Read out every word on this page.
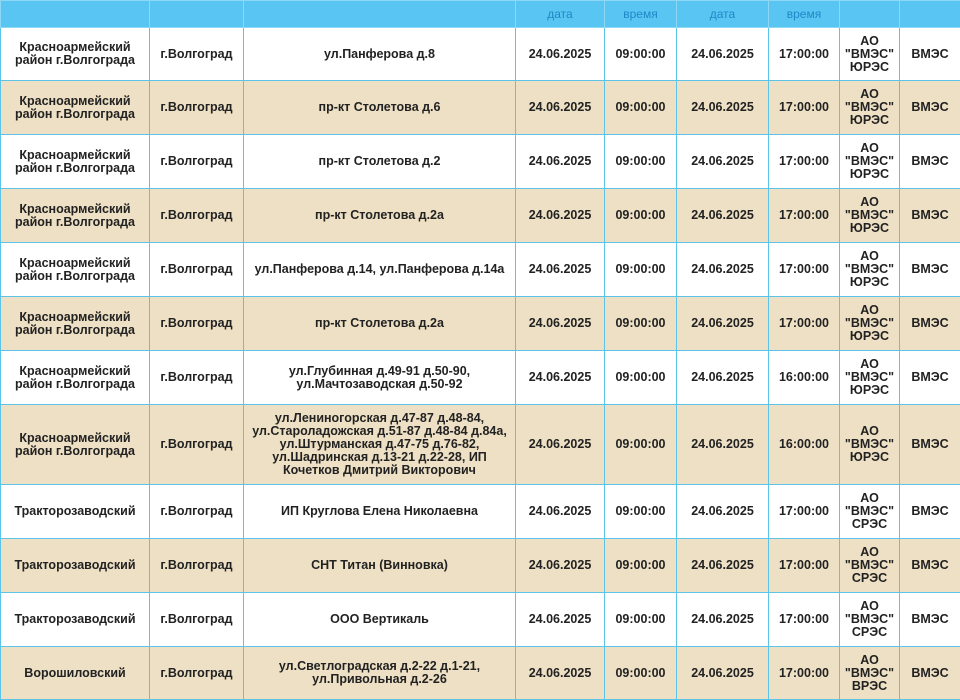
			дата	время	дата	время		
Красноармейский
район г.Волгограда	г.Волгоград	ул.Панферова д.8	24.06.2025	09:00:00	24.06.2025	17:00:00	АО
"ВМЭС"
ЮРЭС	ВМЭС
Красноармейский
район г.Волгограда	г.Волгоград	пр-кт Столетова д.6	24.06.2025	09:00:00	24.06.2025	17:00:00	АО
"ВМЭС"
ЮРЭС	ВМЭС
Красноармейский
район г.Волгограда	г.Волгоград	пр-кт Столетова д.2	24.06.2025	09:00:00	24.06.2025	17:00:00	АО
"ВМЭС"
ЮРЭС	ВМЭС
Красноармейский
район г.Волгограда	г.Волгоград	пр-кт Столетова д.2а	24.06.2025	09:00:00	24.06.2025	17:00:00	АО
"ВМЭС"
ЮРЭС	ВМЭС
Красноармейский
район г.Волгограда	г.Волгоград	ул.Панферова д.14, ул.Панферова д.14а	24.06.2025	09:00:00	24.06.2025	17:00:00	АО
"ВМЭС"
ЮРЭС	ВМЭС
Красноармейский
район г.Волгограда	г.Волгоград	пр-кт Столетова д.2а	24.06.2025	09:00:00	24.06.2025	17:00:00	АО
"ВМЭС"
ЮРЭС	ВМЭС
Красноармейский
район г.Волгограда	г.Волгоград	ул.Глубинная д.49-91 д.50-90,
ул.Мачтозаводская д.50-92	24.06.2025	09:00:00	24.06.2025	16:00:00	АО
"ВМЭС"
ЮРЭС	ВМЭС
Красноармейский
район г.Волгограда	г.Волгоград	ул.Лениногорская д.47-87 д.48-84,
ул.Староладожская д.51-87 д.48-84 д.84а,
ул.Штурманская д.47-75 д.76-82,
ул.Шадринская д.13-21 д.22-28, ИП
Кочетков Дмитрий Викторович	24.06.2025	09:00:00	24.06.2025	16:00:00	АО
"ВМЭС"
ЮРЭС	ВМЭС
Тракторозаводский	г.Волгоград	ИП Круглова Елена Николаевна	24.06.2025	09:00:00	24.06.2025	17:00:00	АО
"ВМЭС"
СРЭС	ВМЭС
Тракторозаводский	г.Волгоград	СНТ Титан (Винновка)	24.06.2025	09:00:00	24.06.2025	17:00:00	АО
"ВМЭС"
СРЭС	ВМЭС
Тракторозаводский	г.Волгоград	ООО Вертикаль	24.06.2025	09:00:00	24.06.2025	17:00:00	АО
"ВМЭС"
СРЭС	ВМЭС
Ворошиловский	г.Волгоград	ул.Светлоградская д.2-22 д.1-21,
ул.Привольная д.2-26	24.06.2025	09:00:00	24.06.2025	17:00:00	АО
"ВМЭС"
ВРЭС	ВМЭС
